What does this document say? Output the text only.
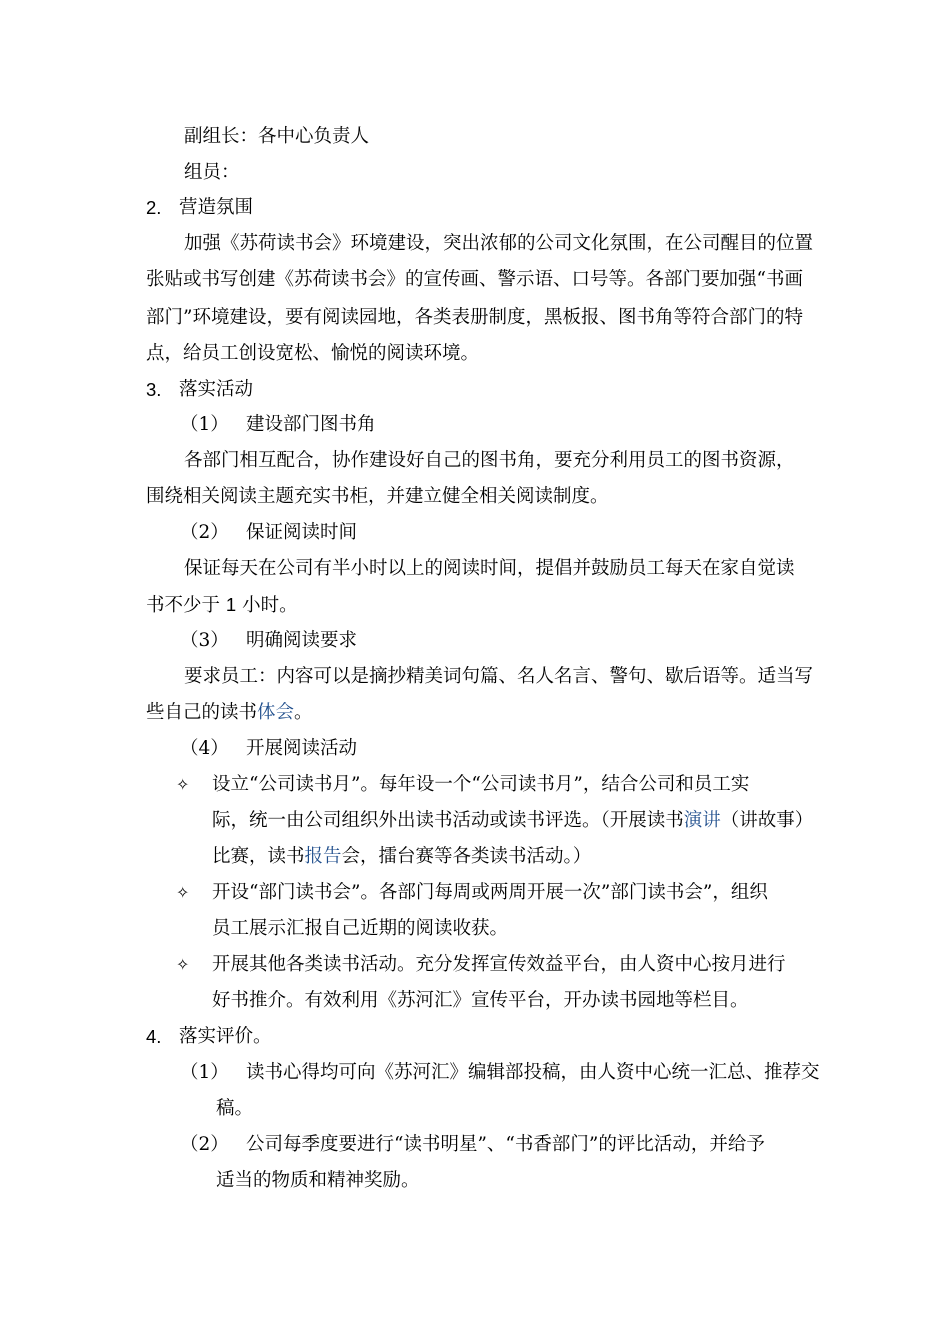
副组长：各中心负责人
组员：
2. 营造氛围
加强《苏荷读书会》环境建设，突出浓郁的公司文化氛围，在公司醒目的位置
张贴或书写创建《苏荷读书会》的宣传画、警示语、口号等。各部门要加强“书画
部门”环境建设，要有阅读园地，各类表册制度，黑板报、图书角等符合部门的特
点，给员工创设宽松、愉悦的阅读环境。
3. 落实活动
（1） 建设部门图书角
各部门相互配合，协作建设好自己的图书角，要充分利用员工的图书资源，
围绕相关阅读主题充实书柜，并建立健全相关阅读制度。
（2） 保证阅读时间
保证每天在公司有半小时以上的阅读时间，提倡并鼓励员工每天在家自觉读
书不少于 1 小时。
（3） 明确阅读要求
要求员工：内容可以是摘抄精美词句篇、名人名言、警句、歇后语等。适当写
些自己的读书体会。
（4） 开展阅读活动
✧ 设立“公司读书月”。每年设一个“公司读书月”，结合公司和员工实
际，统一由公司组织外出读书活动或读书评选。（开展读书演讲（讲故事）
比赛，读书报告会，擂台赛等各类读书活动。）
✧ 开设“部门读书会”。各部门每周或两周开展一次”部门读书会”，组织
员工展示汇报自己近期的阅读收获。
✧ 开展其他各类读书活动。充分发挥宣传效益平台，由人资中心按月进行
好书推介。有效利用《苏河汇》宣传平台，开办读书园地等栏目。
4. 落实评价。
（1） 读书心得均可向《苏河汇》编辑部投稿，由人资中心统一汇总、推荐交
稿。
（2） 公司每季度要进行“读书明星”、“书香部门”的评比活动，并给予
适当的物质和精神奖励。
